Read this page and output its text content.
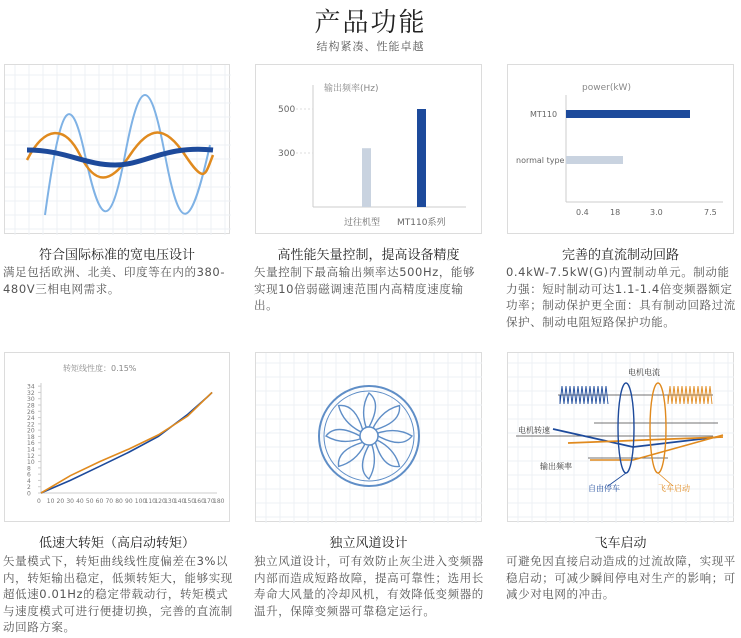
产品功能
结构紧凑、性能卓越
符合国际标准的宽电压设计
满足包括欧洲、北美、印度等在内的380-480V三相电网需求。
输出频率(Hz)
500
300
过往机型 MT110系列
高性能矢量控制，提高设备精度
矢量控制下最高输出频率达500Hz，能够实现10倍弱磁调速范围内高精度速度输出。
power(kW)
MT110
normal type
0.4	18	3.0	7.5
完善的直流制动回路
0.4kW-7.5kW(G)内置制动单元。制动能力强：短时制动可达1.1-1.4倍变频器额定功率；制动保护更全面：具有制动回路过流保护、制动电阻短路保护功能。
转矩线性度：0.15%
34
32
30
28
26
24
22
20
18
16
14
12
10
8
6
4
2
0
0 10 20 30 40 50 60 70 80 90 100
110
120
130
140
150
160
170
180
低速大转矩（高启动转矩）
矢量模式下，转矩曲线线性度偏差在3%以内，转矩输出稳定，低频转矩大，能够实现超低速0.01Hz的稳定带载动行，转矩模式与速度模式可进行便捷切换，完善的直流制动回路方案。
独立风道设计
独立风道设计，可有效防止灰尘进入变频器内部而造成短路故障，提高可靠性；选用长寿命大风量的冷却风机，有效降低变频器的温升，保障变频器可靠稳定运行。
电机电流
电机转速
输出频率
自由停车	飞车启动
飞车启动
可避免因直接启动造成的过流故障，实现平稳启动；可减少瞬间停电对生产的影响；可减少对电网的冲击。
